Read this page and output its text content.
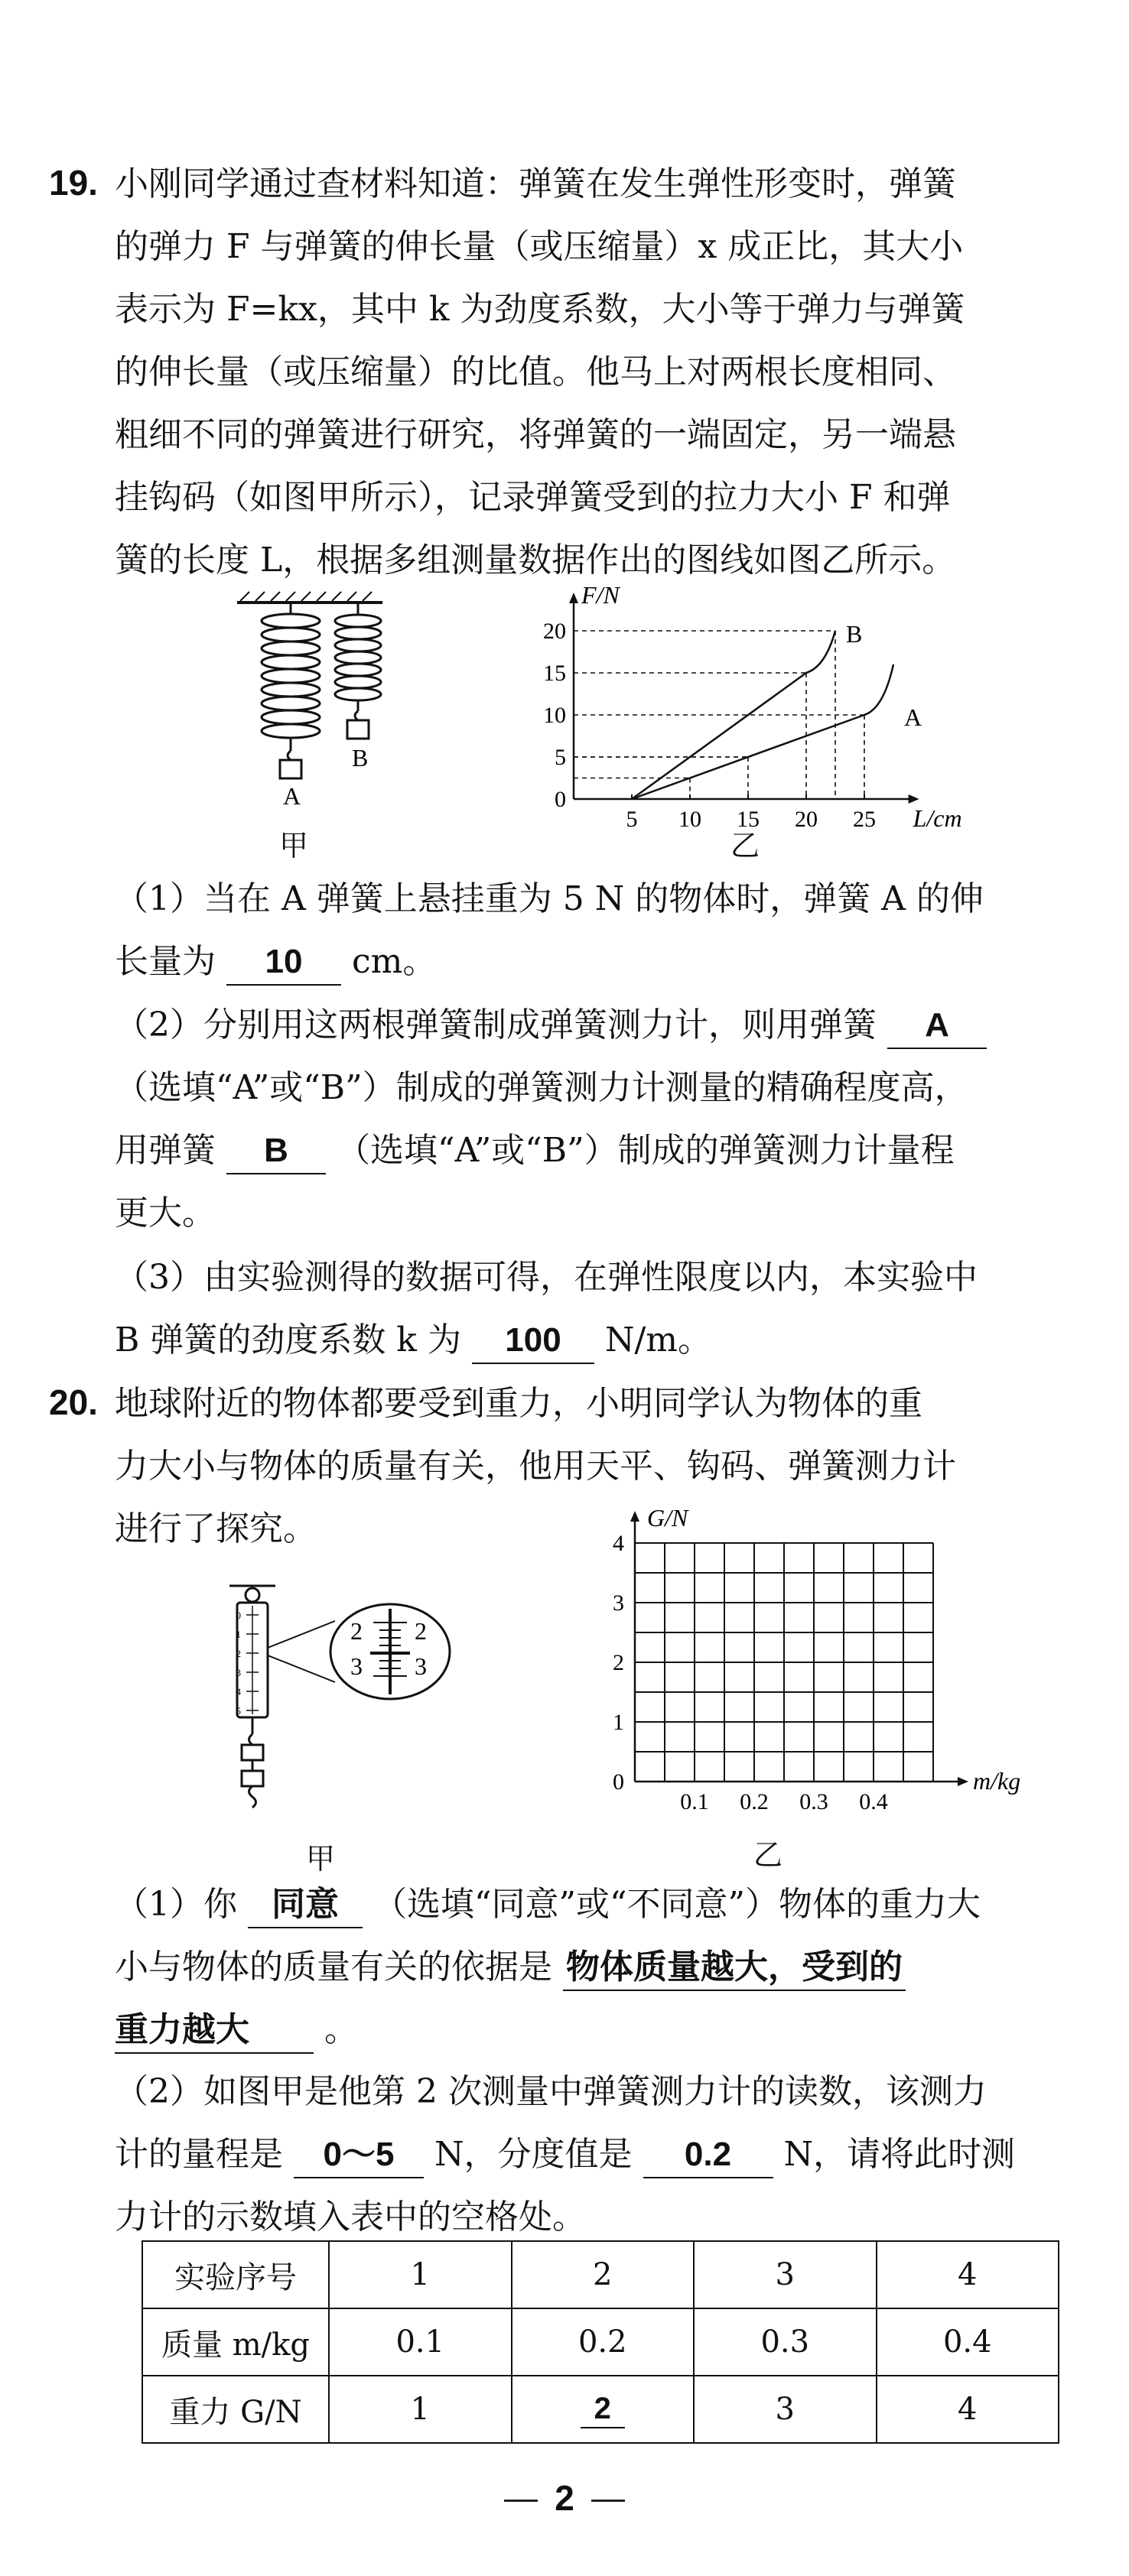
19. 小刚同学通过查材料知道：弹簧在发生弹性形变时，弹簧
的弹力 F 与弹簧的伸长量（或压缩量）x 成正比，其大小
表示为 F=kx，其中 k 为劲度系数，大小等于弹力与弹簧
的伸长量（或压缩量）的比值。他马上对两根长度相同、
粗细不同的弹簧进行研究，将弹簧的一端固定，另一端悬
挂钩码（如图甲所示），记录弹簧受到的拉力大小 F 和弹
簧的长度 L，根据多组测量数据作出的图线如图乙所示。
A
B
甲
5 10 15 20 25
0
5
10
15
20
L/cm
F/N
A
B
乙
（1）当在 A 弹簧上悬挂重为 5 N 的物体时，弹簧 A 的伸
长量为 10 cm。
（2）分别用这两根弹簧制成弹簧测力计，则用弹簧 A
（选填“A”或“B”）制成的弹簧测力计测量的精确程度高，
用弹簧 B （选填“A”或“B”）制成的弹簧测力计量程
更大。
（3）由实验测得的数据可得，在弹性限度以内，本实验中
B 弹簧的劲度系数 k 为 100 N/m。
20. 地球附近的物体都要受到重力，小明同学认为物体的重
力大小与物体的质量有关，他用天平、钩码、弹簧测力计
进行了探究。
0
1
2
3
4
5
2
3
2
3
甲
0
1
2
3
4
0.1 0.2 0.3 0.4
G/N
m/kg
乙
（1）你 同意 （选填“同意”或“不同意”）物体的重力大
小与物体的质量有关的依据是 物体质量越大，受到的
重力越大 。
（2）如图甲是他第 2 次测量中弹簧测力计的读数，该测力
计的量程是 0～5 N，分度值是 0.2 N，请将此时测
力计的示数填入表中的空格处。
实验序号	1	2	3	4
质量 m/kg	0.1	0.2	0.3	0.4
重力 G/N	1	2	3	4
2
